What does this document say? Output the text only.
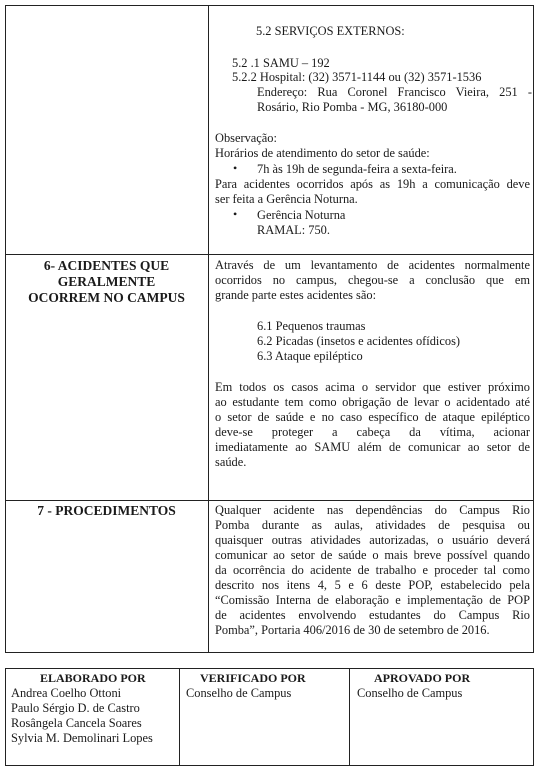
5.2 SERVIÇOS EXTERNOS:
5.2 .1 SAMU – 192
5.2.2 Hospital: (32) 3571-1144 ou (32) 3571-1536
Endereço: Rua Coronel Francisco Vieira, 251 -
Rosário, Rio Pomba - MG, 36180-000
Observação:
Horários de atendimento do setor de saúde:
• 7h às 19h de segunda-feira a sexta-feira.
Para acidentes ocorridos após as 19h a comunicação deve
ser feita a Gerência Noturna.
• Gerência Noturna
RAMAL: 750.
6- ACIDENTES QUE
GERALMENTE
OCORREM NO CAMPUS
Através de um levantamento de acidentes normalmente
ocorridos no campus, chegou-se a conclusão que em
grande parte estes acidentes são:
6.1 Pequenos traumas
6.2 Picadas (insetos e acidentes ofídicos)
6.3 Ataque epiléptico
Em todos os casos acima o servidor que estiver próximo
ao estudante tem como obrigação de levar o acidentado até
o setor de saúde e no caso específico de ataque epiléptico
deve-se proteger a cabeça da vítima, acionar
imediatamente ao SAMU além de comunicar ao setor de
saúde.
7 - PROCEDIMENTOS	Qualquer acidente nas dependências do Campus Rio
Pomba durante as aulas, atividades de pesquisa ou
quaisquer outras atividades autorizadas, o usuário deverá
comunicar ao setor de saúde o mais breve possível quando
da ocorrência do acidente de trabalho e proceder tal como
descrito nos itens 4, 5 e 6 deste POP, estabelecido pela
“Comissão Interna de elaboração e implementação de POP
de acidentes envolvendo estudantes do Campus Rio
Pomba”, Portaria 406/2016 de 30 de setembro de 2016.
ELABORADO POR
Andrea Coelho Ottoni
Paulo Sérgio D. de Castro
Rosângela Cancela Soares
Sylvia M. Demolinari Lopes
VERIFICADO POR
Conselho de Campus
APROVADO POR
Conselho de Campus
